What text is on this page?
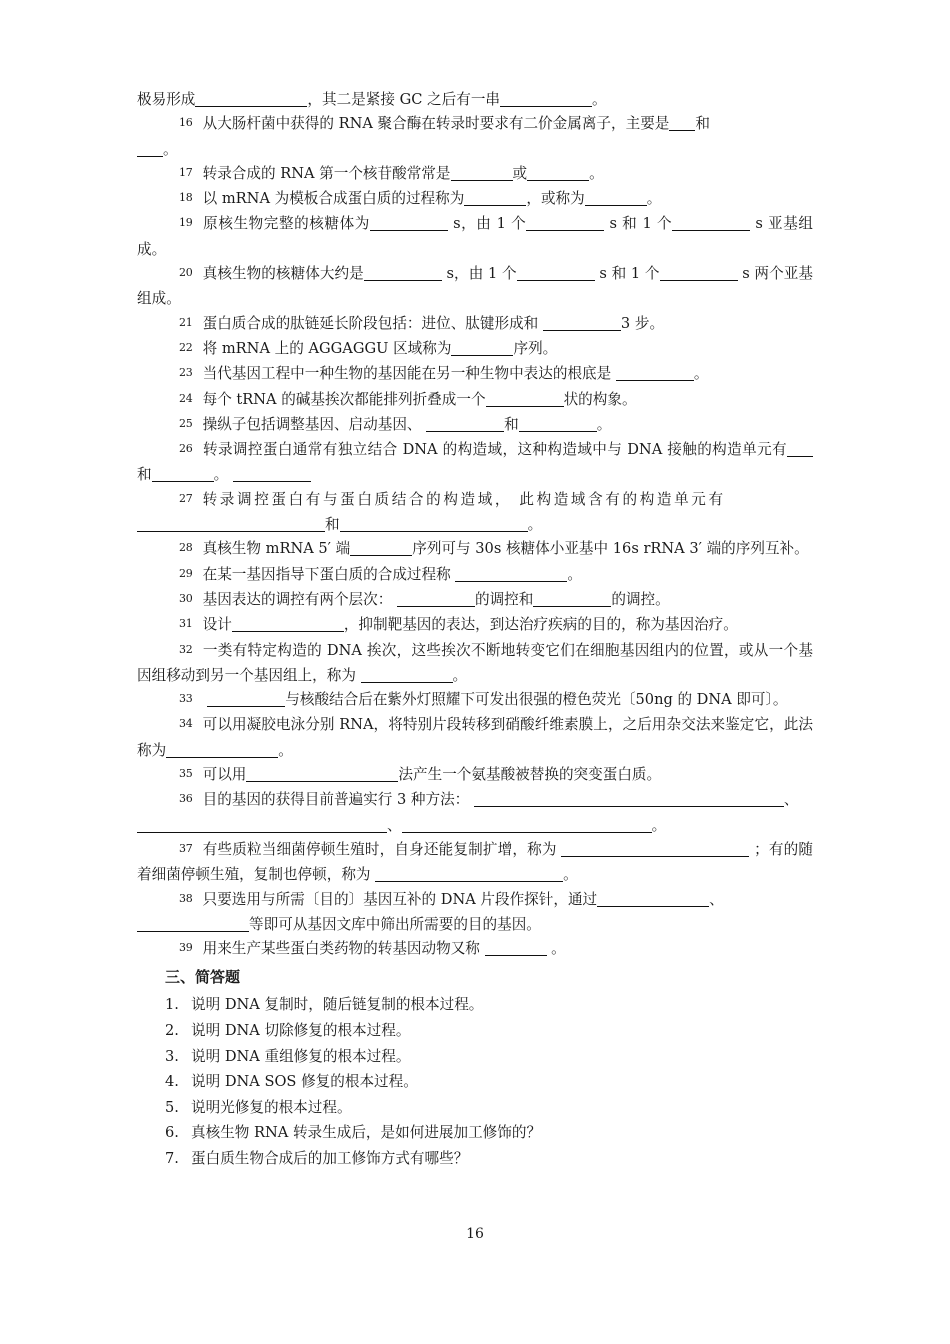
极易形成	，其二是紧接 GC 之后有一串	。

16 从大肠杆菌中获得的 RNA 聚合酶在转录时要求有二价金属离子，主要是 和
。

17 转录合成的 RNA 第一个核苷酸常常是	或	。

18 以 mRNA 为模板合成蛋白质的过程称为	，或称为	。

19 原核生物完整的核糖体为	s，由 1 个	s 和 1 个	s 亚基组成。

20 真核生物的核糖体大约是	s，由 1 个	s 和 1 个	s 两个亚基组成。

21 蛋白质合成的肽链延长阶段包括：进位、肽键形成和	3 步。

22 将 mRNA 上的 AGGAGGU 区域称为	序列。

23 当代基因工程中一种生物的基因能在另一种生物中表达的根底是	。

24 每个 tRNA 的碱基挨次都能排列折叠成一个	状的构象。

25 操纵子包括调整基因、启动基因、	和	。

26 转录调控蛋白通常有独立结合 DNA 的构造域，这种构造域中与 DNA 接触的构造单元有和	。

27 转录调控蛋白有与蛋白质结合的构造域， 此构造域含有的构造单元有

和	。

28 真核生物 mRNA 5′ 端	序列可与 30s 核糖体小亚基中 16s rRNA 3′ 端的序列互补。

29 在某一基因指导下蛋白质的合成过程称	。

30 基因表达的调控有两个层次：	的调控和	的调控。

31 设计	，抑制靶基因的表达，到达治疗疾病的目的，称为基因治疗。

32 一类有特定构造的 DNA 挨次，这些挨次不断地转变它们在细胞基因组内的位置，或从一个基因组移动到另一个基因组上，称为	。

33	与核酸结合后在紫外灯照耀下可发出很强的橙色荧光〔50ng 的 DNA 即可〕。

34 可以用凝胶电泳分别 RNA，将特别片段转移到硝酸纤维素膜上，之后用杂交法来鉴定它，此法称为	。

35 可以用	法产生一个氨基酸被替换的突变蛋白质。

36 目的基因的获得目前普遍实行 3 种方法：	、

、	。

37 有些质粒当细菌停顿生殖时，自身还能复制扩增，称为	；有的随着细菌停顿生殖，复制也停顿，称为	。

38 只要选用与所需〔目的〕基因互补的 DNA 片段作探针，通过	、

等即可从基因文库中筛出所需要的目的基因。

39 用来生产某些蛋白类药物的转基因动物又称	。

三、简答题
1. 说明 DNA 复制时，随后链复制的根本过程。
2. 说明 DNA 切除修复的根本过程。
3. 说明 DNA 重组修复的根本过程。
4. 说明 DNA SOS 修复的根本过程。
5. 说明光修复的根本过程。
6. 真核生物 RNA 转录生成后，是如何进展加工修饰的？
7. 蛋白质生物合成后的加工修饰方式有哪些？
16
